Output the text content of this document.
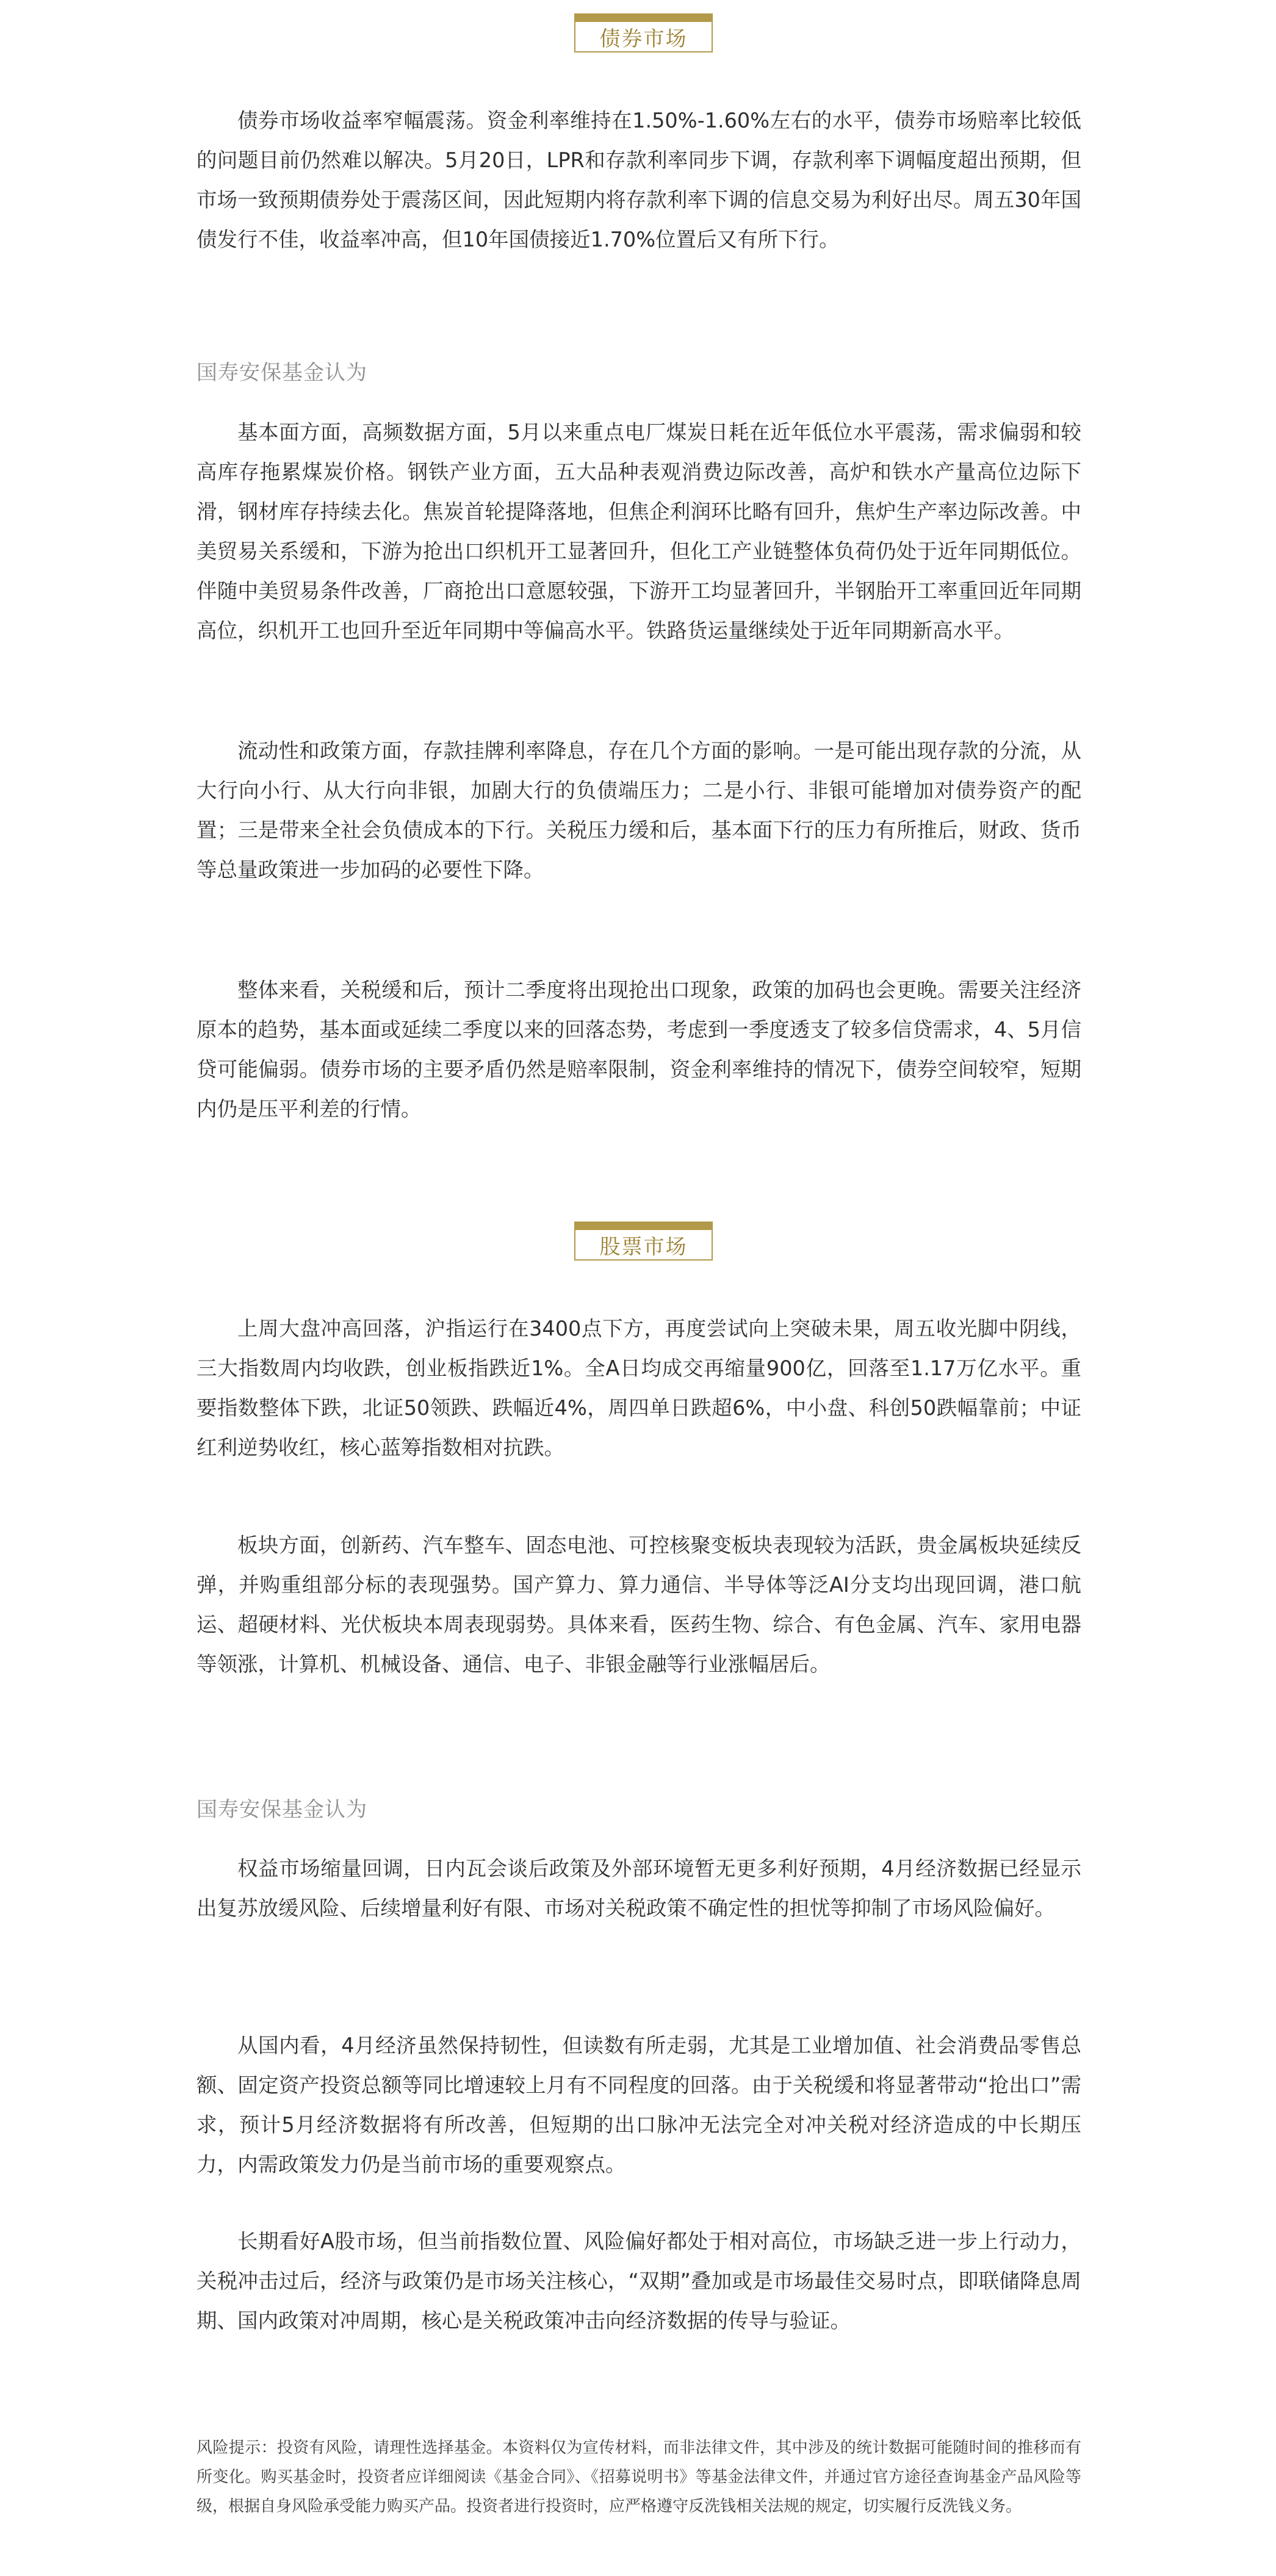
债券市场

债券市场收益率窄幅震荡。资金利率维持在1.50%-1.60%左右的水平，债券市场赔率比较低的问题目前仍然难以解决。5月20日，LPR和存款利率同步下调，存款利率下调幅度超出预期，但市场一致预期债券处于震荡区间，因此短期内将存款利率下调的信息交易为利好出尽。周五30年国债发行不佳，收益率冲高，但10年国债接近1.70%位置后又有所下行。

国寿安保基金认为

基本面方面，高频数据方面，5月以来重点电厂煤炭日耗在近年低位水平震荡，需求偏弱和较高库存拖累煤炭价格。钢铁产业方面，五大品种表观消费边际改善，高炉和铁水产量高位边际下滑，钢材库存持续去化。焦炭首轮提降落地，但焦企利润环比略有回升，焦炉生产率边际改善。中美贸易关系缓和，下游为抢出口织机开工显著回升，但化工产业链整体负荷仍处于近年同期低位。伴随中美贸易条件改善，厂商抢出口意愿较强，下游开工均显著回升，半钢胎开工率重回近年同期高位，织机开工也回升至近年同期中等偏高水平。铁路货运量继续处于近年同期新高水平。

流动性和政策方面，存款挂牌利率降息，存在几个方面的影响。一是可能出现存款的分流，从大行向小行、从大行向非银，加剧大行的负债端压力；二是小行、非银可能增加对债券资产的配置；三是带来全社会负债成本的下行。关税压力缓和后，基本面下行的压力有所推后，财政、货币等总量政策进一步加码的必要性下降。

整体来看，关税缓和后，预计二季度将出现抢出口现象，政策的加码也会更晚。需要关注经济原本的趋势，基本面或延续二季度以来的回落态势，考虑到一季度透支了较多信贷需求，4、5月信贷可能偏弱。债券市场的主要矛盾仍然是赔率限制，资金利率维持的情况下，债券空间较窄，短期内仍是压平利差的行情。

股票市场

上周大盘冲高回落，沪指运行在3400点下方，再度尝试向上突破未果，周五收光脚中阴线，三大指数周内均收跌，创业板指跌近1%。全A日均成交再缩量900亿，回落至1.17万亿水平。重要指数整体下跌，北证50领跌、跌幅近4%，周四单日跌超6%，中小盘、科创50跌幅靠前；中证红利逆势收红，核心蓝筹指数相对抗跌。

板块方面，创新药、汽车整车、固态电池、可控核聚变板块表现较为活跃，贵金属板块延续反弹，并购重组部分标的表现强势。国产算力、算力通信、半导体等泛AI分支均出现回调，港口航运、超硬材料、光伏板块本周表现弱势。具体来看，医药生物、综合、有色金属、汽车、家用电器等领涨，计算机、机械设备、通信、电子、非银金融等行业涨幅居后。

国寿安保基金认为

权益市场缩量回调，日内瓦会谈后政策及外部环境暂无更多利好预期，4月经济数据已经显示出复苏放缓风险、后续增量利好有限、市场对关税政策不确定性的担忧等抑制了市场风险偏好。

从国内看，4月经济虽然保持韧性，但读数有所走弱，尤其是工业增加值、社会消费品零售总额、固定资产投资总额等同比增速较上月有不同程度的回落。由于关税缓和将显著带动“抢出口”需求，预计5月经济数据将有所改善，但短期的出口脉冲无法完全对冲关税对经济造成的中长期压力，内需政策发力仍是当前市场的重要观察点。

长期看好A股市场，但当前指数位置、风险偏好都处于相对高位，市场缺乏进一步上行动力，关税冲击过后，经济与政策仍是市场关注核心，“双期”叠加或是市场最佳交易时点，即联储降息周期、国内政策对冲周期，核心是关税政策冲击向经济数据的传导与验证。

风险提示：投资有风险，请理性选择基金。本资料仅为宣传材料，而非法律文件，其中涉及的统计数据可能随时间的推移而有所变化。购买基金时，投资者应详细阅读《基金合同》、《招募说明书》等基金法律文件，并通过官方途径查询基金产品风险等级，根据自身风险承受能力购买产品。投资者进行投资时，应严格遵守反洗钱相关法规的规定，切实履行反洗钱义务。
